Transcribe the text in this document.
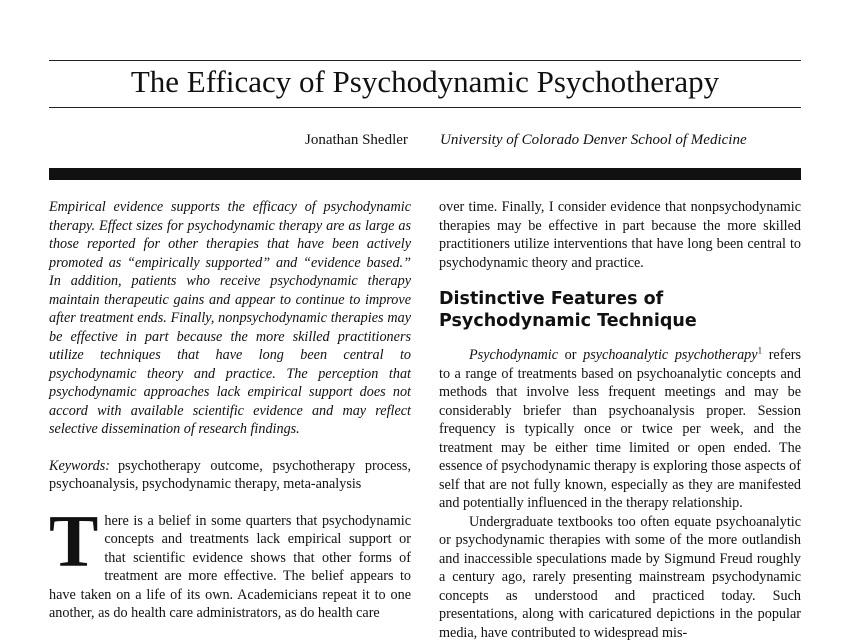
The Efficacy of Psychodynamic Psychotherapy
Jonathan Shedler University of Colorado Denver School of Medicine

Empirical evidence supports the efficacy of psychodynamic therapy. Effect sizes for psychodynamic therapy are as large as those reported for other therapies that have been actively promoted as “empirically supported” and “evidence based.” In addition, patients who receive psychodynamic therapy maintain therapeutic gains and appear to continue to improve after treatment ends. Finally, nonpsychodynamic therapies may be effective in part because the more skilled practitioners utilize techniques that have long been central to psychodynamic theory and practice. The perception that psychodynamic approaches lack empirical support does not accord with available scientific evidence and may reflect selective dissemination of research findings.

Keywords: psychotherapy outcome, psychotherapy process, psychoanalysis, psychodynamic therapy, meta-analysis

There is a belief in some quarters that psychodynamic concepts and treatments lack empirical support or that scientific evidence shows that other forms of treatment are more effective. The belief appears to have taken on a life of its own. Academicians repeat it to one another, as do health care administrators, as do health care

over time. Finally, I consider evidence that nonpsychodynamic therapies may be effective in part because the more skilled practitioners utilize interventions that have long been central to psychodynamic theory and practice.

Distinctive Features of
Psychodynamic Technique

Psychodynamic or psychoanalytic psychotherapy$^1$ refers to a range of treatments based on psychoanalytic concepts and methods that involve less frequent meetings and may be considerably briefer than psychoanalysis proper. Session frequency is typically once or twice per week, and the treatment may be either time limited or open ended. The essence of psychodynamic therapy is exploring those aspects of self that are not fully known, especially as they are manifested and potentially influenced in the therapy relationship.

Undergraduate textbooks too often equate psychoanalytic or psychodynamic therapies with some of the more outlandish and inaccessible speculations made by Sigmund Freud roughly a century ago, rarely presenting mainstream psychodynamic concepts as understood and practiced today. Such presentations, along with caricatured depictions in the popular media, have contributed to widespread mis-
